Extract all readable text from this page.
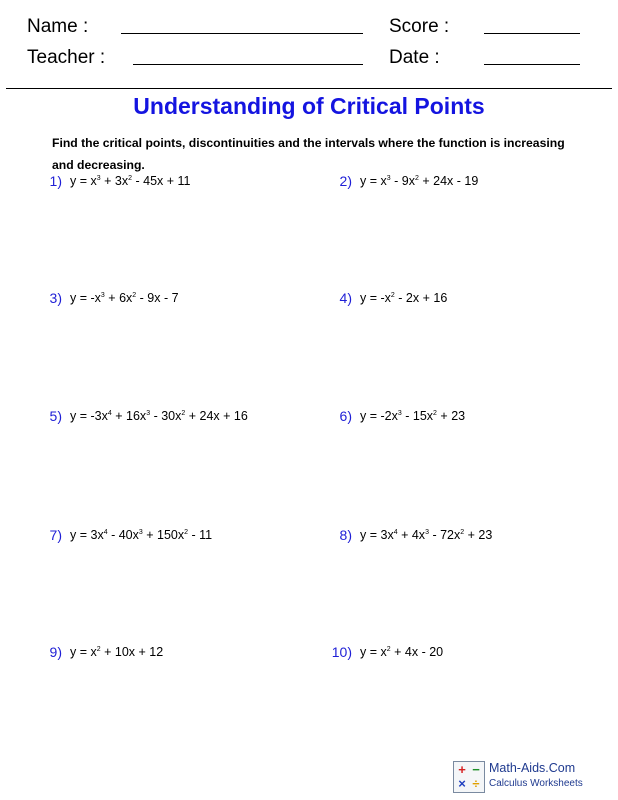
Name :	Score :
Teacher :	Date :
Understanding of Critical Points
Find the critical points, discontinuities and the intervals where the function is increasing and decreasing.
1) $y = x^3 + 3x^2 - 45x + 11$	2) $y = x^3 - 9x^2 + 24x - 19$
3) $y = -x^3 + 6x^2 - 9x - 7$	4) $y = -x^2 - 2x + 16$
5) $y = -3x^4 + 16x^3 - 30x^2 + 24x + 16$	6) $y = -2x^3 - 15x^2 + 23$
7) $y = 3x^4 - 40x^3 + 150x^2 - 11$	8) $y = 3x^4 + 4x^3 - 72x^2 + 23$
9) $y = x^2 + 10x + 12$	10) $y = x^2 + 4x - 20$
+ −
× ÷
Math-Aids.Com
Calculus Worksheets
